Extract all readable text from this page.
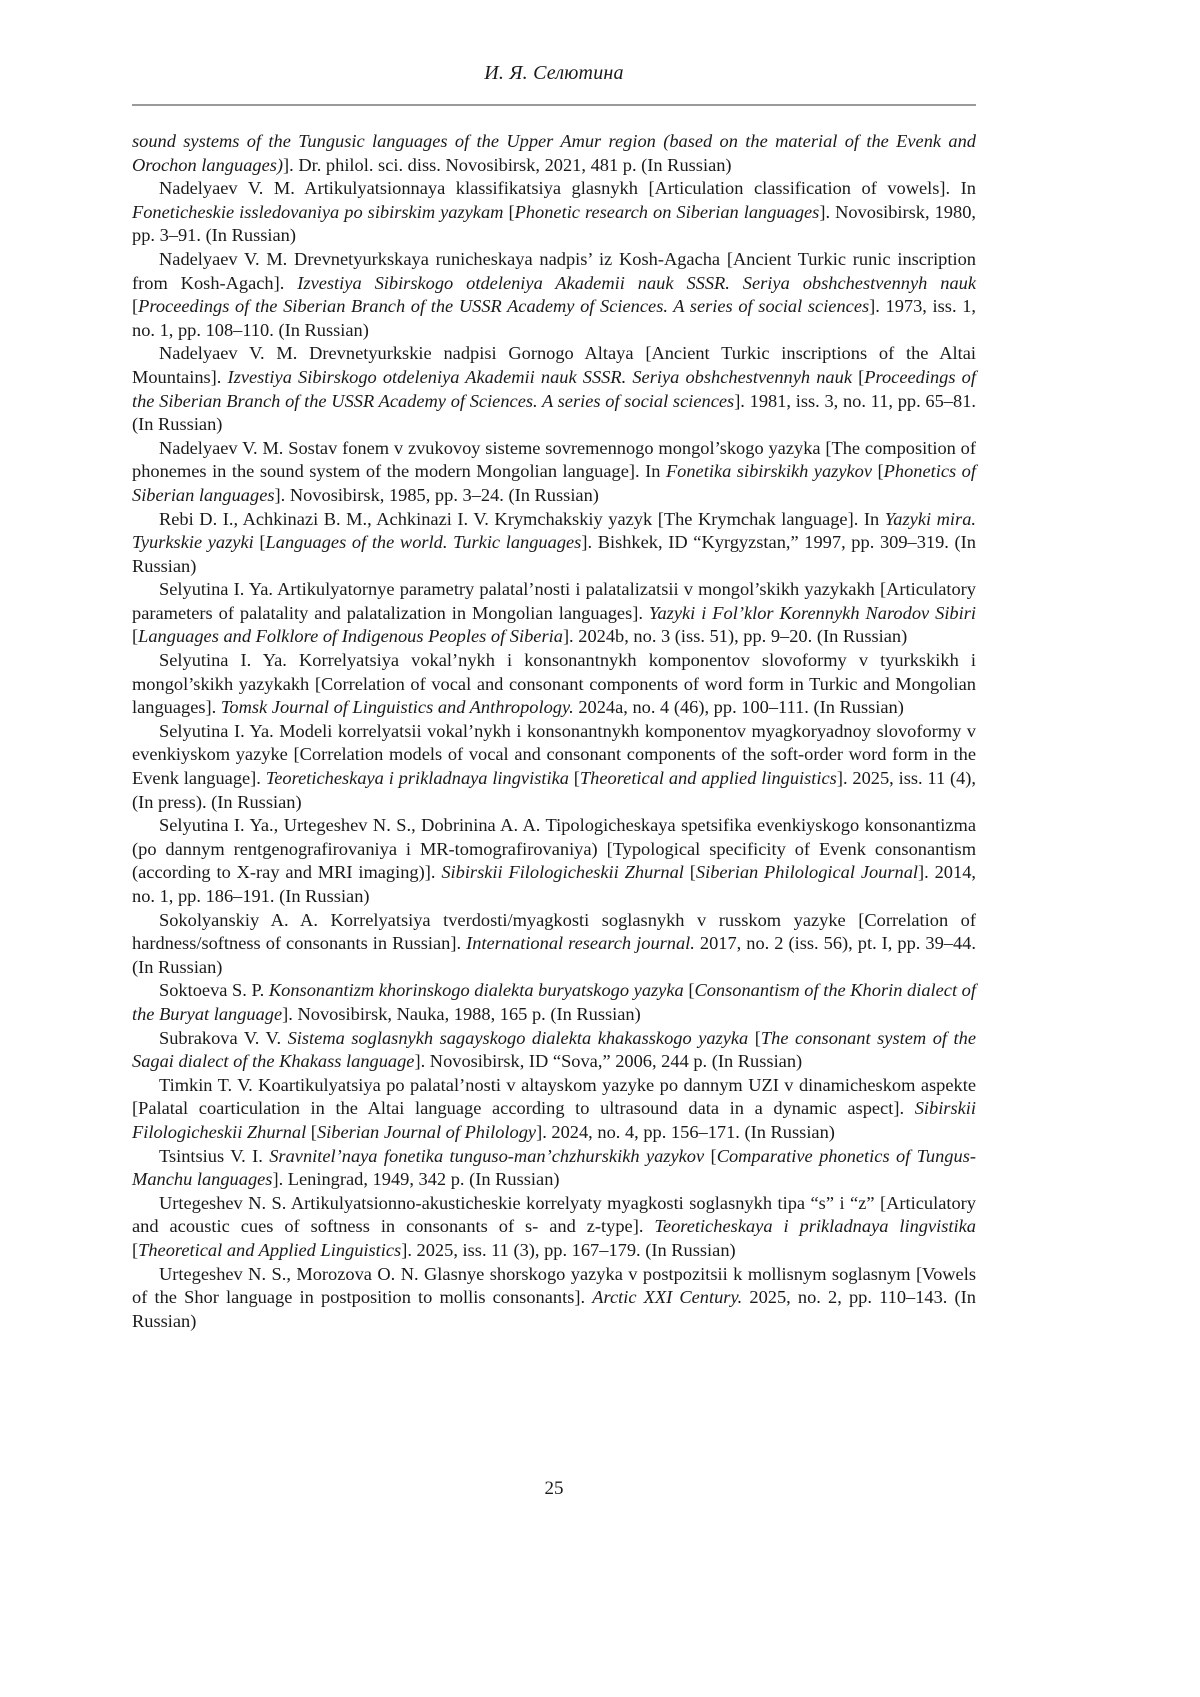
И. Я. Селютина

sound systems of the Tungusic languages of the Upper Amur region (based on the material of the Evenk and Orochon languages)]. Dr. philol. sci. diss. Novosibirsk, 2021, 481 p. (In Russian)

Nadelyaev V. M. Artikulyatsionnaya klassifikatsiya glasnykh [Articulation classification of vowels]. In Foneticheskie issledovaniya po sibirskim yazykam [Phonetic research on Siberian languages]. Novosibirsk, 1980, pp. 3–91. (In Russian)

Nadelyaev V. M. Drevnetyurkskaya runicheskaya nadpis’ iz Kosh-Agacha [Ancient Turkic runic inscription from Kosh-Agach]. Izvestiya Sibirskogo otdeleniya Akademii nauk SSSR. Seriya obshchestvennyh nauk [Proceedings of the Siberian Branch of the USSR Academy of Sciences. A series of social sciences]. 1973, iss. 1, no. 1, pp. 108–110. (In Russian)

Nadelyaev V. M. Drevnetyurkskie nadpisi Gornogo Altaya [Ancient Turkic inscriptions of the Altai Mountains]. Izvestiya Sibirskogo otdeleniya Akademii nauk SSSR. Seriya obshchestvennyh nauk [Proceedings of the Siberian Branch of the USSR Academy of Sciences. A series of social sciences]. 1981, iss. 3, no. 11, pp. 65–81. (In Russian)

Nadelyaev V. M. Sostav fonem v zvukovoy sisteme sovremennogo mongol’skogo yazyka [The composition of phonemes in the sound system of the modern Mongolian language]. In Fonetika sibirskikh yazykov [Phonetics of Siberian languages]. Novosibirsk, 1985, pp. 3–24. (In Russian)

Rebi D. I., Achkinazi B. M., Achkinazi I. V. Krymchakskiy yazyk [The Krymchak language]. In Yazyki mira. Tyurkskie yazyki [Languages of the world. Turkic languages]. Bishkek, ID “Kyrgyzstan,” 1997, pp. 309–319. (In Russian)

Selyutina I. Ya. Artikulyatornye parametry palatal’nosti i palatalizatsii v mongol’skikh yazykakh [Articulatory parameters of palatality and palatalization in Mongolian languages]. Yazyki i Fol’klor Korennykh Narodov Sibiri [Languages and Folklore of Indigenous Peoples of Siberia]. 2024b, no. 3 (iss. 51), pp. 9–20. (In Russian)

Selyutina I. Ya. Korrelyatsiya vokal’nykh i konsonantnykh komponentov slovoformy v tyurkskikh i mongol’skikh yazykakh [Correlation of vocal and consonant components of word form in Turkic and Mongolian languages]. Tomsk Journal of Linguistics and Anthropology. 2024a, no. 4 (46), pp. 100–111. (In Russian)

Selyutina I. Ya. Modeli korrelyatsii vokal’nykh i konsonantnykh komponentov myagkoryadnoy slovoformy v evenkiyskom yazyke [Correlation models of vocal and consonant components of the soft-order word form in the Evenk language]. Teoreticheskaya i prikladnaya lingvistika [Theoretical and applied linguistics]. 2025, iss. 11 (4), (In press). (In Russian)

Selyutina I. Ya., Urtegeshev N. S., Dobrinina A. A. Tipologicheskaya spetsifika evenkiyskogo konsonantizma (po dannym rentgenografirovaniya i MR-tomografirovaniya) [Typological specificity of Evenk consonantism (according to X-ray and MRI imaging)]. Sibirskii Filologicheskii Zhurnal [Siberian Philological Journal]. 2014, no. 1, pp. 186–191. (In Russian)

Sokolyanskiy A. A. Korrelyatsiya tverdosti/myagkosti soglasnykh v russkom yazyke [Correlation of hardness/softness of consonants in Russian]. International research journal. 2017, no. 2 (iss. 56), pt. I, pp. 39–44. (In Russian)

Soktoeva S. P. Konsonantizm khorinskogo dialekta buryatskogo yazyka [Consonantism of the Khorin dialect of the Buryat language]. Novosibirsk, Nauka, 1988, 165 p. (In Russian)

Subrakova V. V. Sistema soglasnykh sagayskogo dialekta khakasskogo yazyka [The consonant system of the Sagai dialect of the Khakass language]. Novosibirsk, ID “Sova,” 2006, 244 p. (In Russian)

Timkin T. V. Koartikulyatsiya po palatal’nosti v altayskom yazyke po dannym UZI v dinamicheskom aspekte [Palatal coarticulation in the Altai language according to ultrasound data in a dynamic aspect]. Sibirskii Filologicheskii Zhurnal [Siberian Journal of Philology]. 2024, no. 4, pp. 156–171. (In Russian)

Tsintsius V. I. Sravnitel’naya fonetika tunguso-man’chzhurskikh yazykov [Comparative phonetics of Tungus-Manchu languages]. Leningrad, 1949, 342 p. (In Russian)

Urtegeshev N. S. Artikulyatsionno-akusticheskie korrelyaty myagkosti soglasnykh tipa “s” i “z” [Articulatory and acoustic cues of softness in consonants of s- and z-type]. Teoreticheskaya i prikladnaya lingvistika [Theoretical and Applied Linguistics]. 2025, iss. 11 (3), pp. 167–179. (In Russian)

Urtegeshev N. S., Morozova O. N. Glasnye shorskogo yazyka v postpozitsii k mollisnym soglasnym [Vowels of the Shor language in postposition to mollis consonants]. Arctic XXI Century. 2025, no. 2, pp. 110–143. (In Russian)

25
